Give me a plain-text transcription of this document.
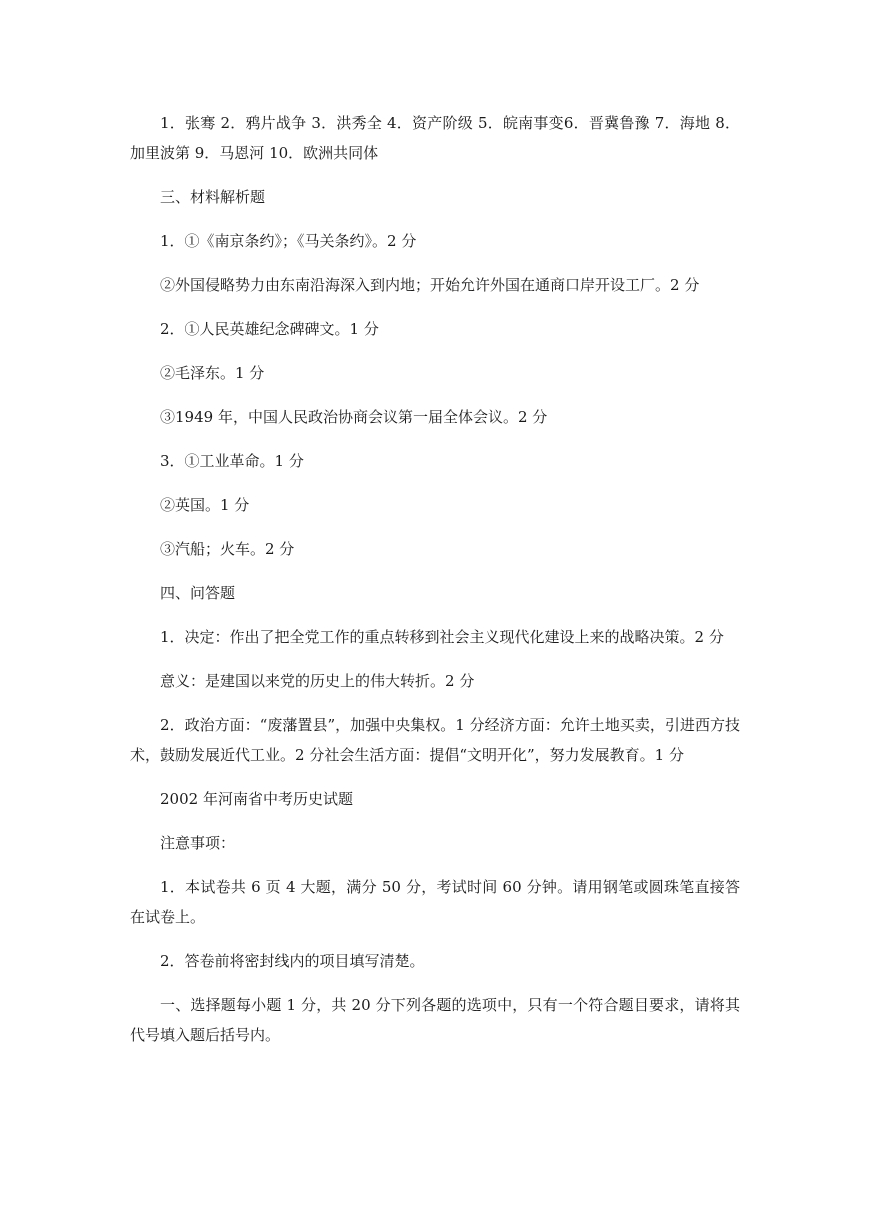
1．张骞 2．鸦片战争 3．洪秀全 4．资产阶级 5．皖南事变6．晋冀鲁豫 7．海地 8．加里波第 9．马恩河 10．欧洲共同体

三、材料解析题

1．①《南京条约》；《马关条约》。2 分

②外国侵略势力由东南沿海深入到内地；开始允许外国在通商口岸开设工厂。2 分

2．①人民英雄纪念碑碑文。1 分

②毛泽东。1 分

③1949 年，中国人民政治协商会议第一届全体会议。2 分

3．①工业革命。1 分

②英国。1 分

③汽船；火车。2 分

四、问答题

1．决定：作出了把全党工作的重点转移到社会主义现代化建设上来的战略决策。2 分

意义：是建国以来党的历史上的伟大转折。2 分

2．政治方面：“废藩置县”，加强中央集权。1 分经济方面：允许土地买卖，引进西方技术，鼓励发展近代工业。2 分社会生活方面：提倡“文明开化”，努力发展教育。1 分

2002 年河南省中考历史试题

注意事项：

1．本试卷共 6 页 4 大题，满分 50 分，考试时间 60 分钟。请用钢笔或圆珠笔直接答在试卷上。

2．答卷前将密封线内的项目填写清楚。

一、选择题每小题 1 分，共 20 分下列各题的选项中，只有一个符合题目要求，请将其代号填入题后括号内。
